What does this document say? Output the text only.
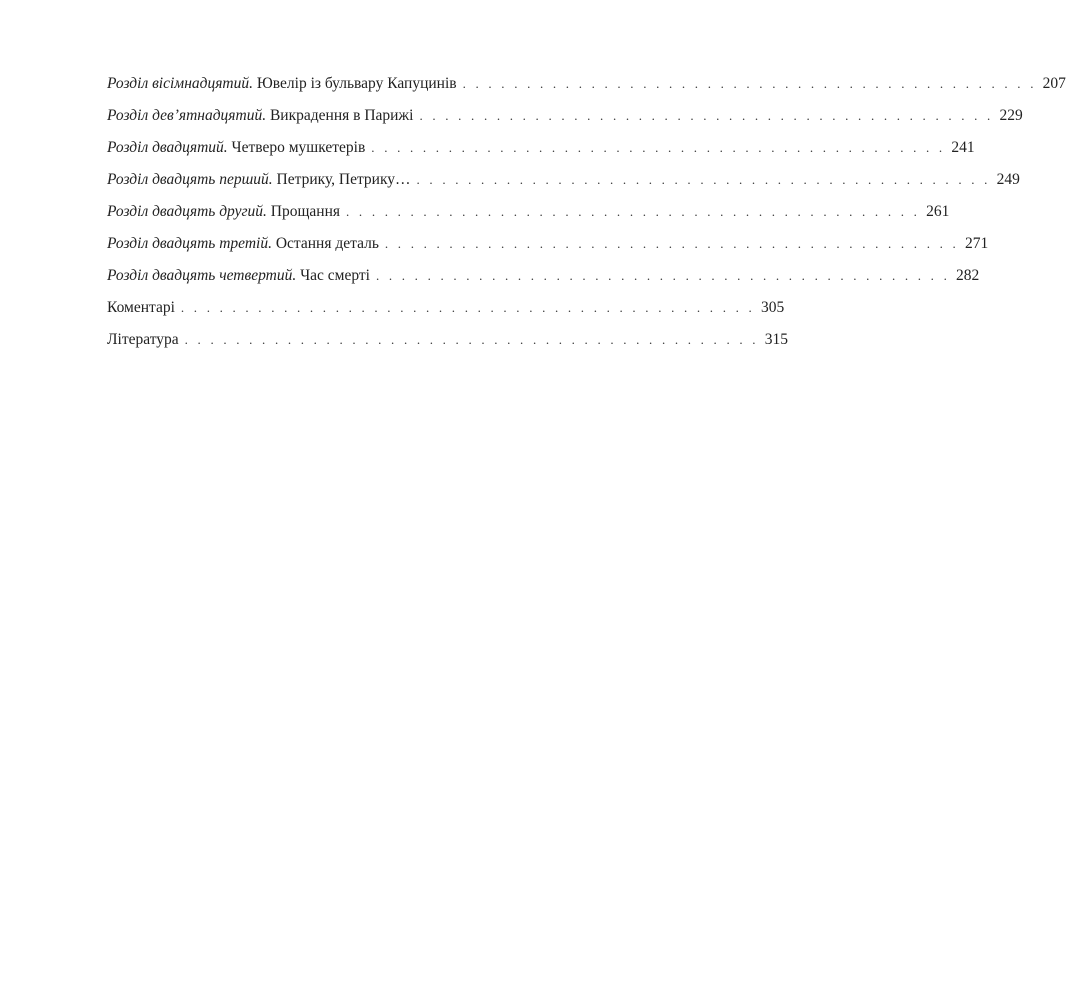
Розділ вісімнадцятий. Ювелір із бульвару Капуцинів . . . . . . . . . . . . . . . . . . . . . . . . . . . . . . . . . . . . . . . . . . . . . 207
Розділ дев’ятнадцятий. Викрадення в Парижі . . . . . . . . . . . . . . . . . . . . . . . . . . . . . . . . . . . . . . . . . . . . . 229
Розділ двадцятий. Четверо мушкетерів . . . . . . . . . . . . . . . . . . . . . . . . . . . . . . . . . . . . . . . . . . . . . 241
Розділ двадцять перший. Петрику, Петрику… . . . . . . . . . . . . . . . . . . . . . . . . . . . . . . . . . . . . . . . . . . . . . 249
Розділ двадцять другий. Прощання . . . . . . . . . . . . . . . . . . . . . . . . . . . . . . . . . . . . . . . . . . . . . 261
Розділ двадцять третій. Остання деталь . . . . . . . . . . . . . . . . . . . . . . . . . . . . . . . . . . . . . . . . . . . . . 271
Розділ двадцять четвертий. Час смерті . . . . . . . . . . . . . . . . . . . . . . . . . . . . . . . . . . . . . . . . . . . . . 282
Коментарі . . . . . . . . . . . . . . . . . . . . . . . . . . . . . . . . . . . . . . . . . . . . . 305
Література . . . . . . . . . . . . . . . . . . . . . . . . . . . . . . . . . . . . . . . . . . . . . 315
